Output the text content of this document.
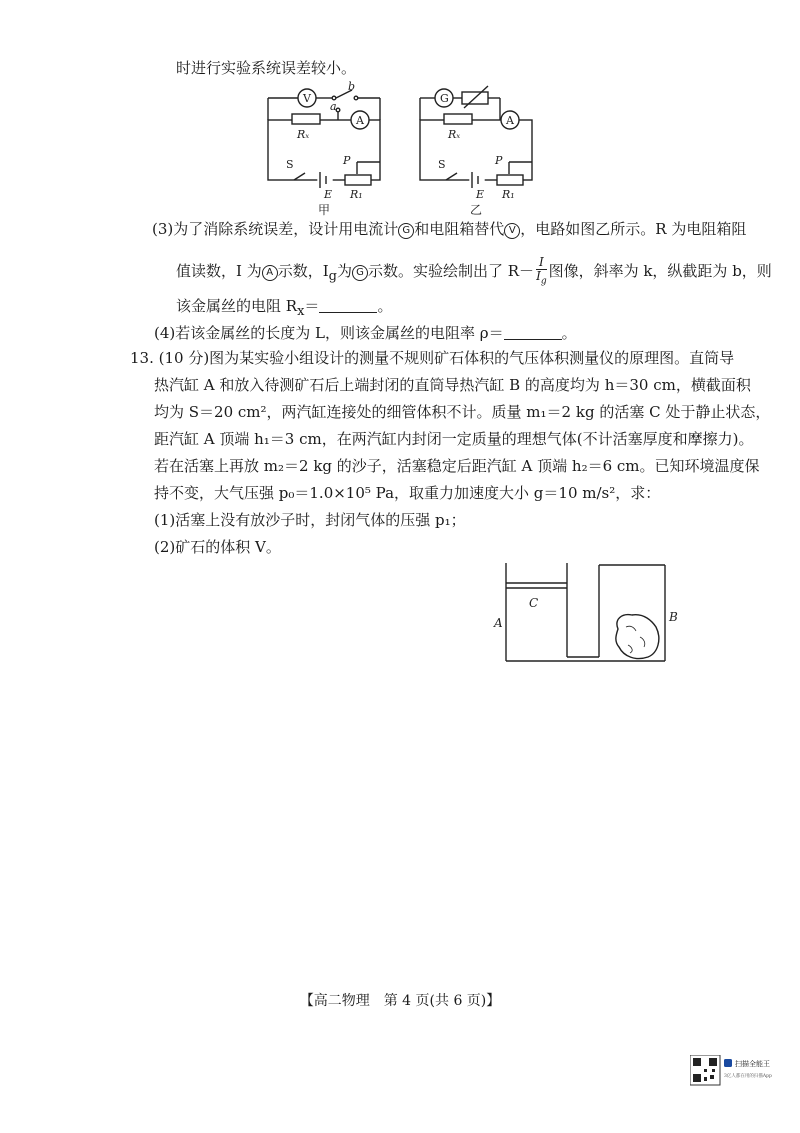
时进行实验系统误差较小。
V
b
a
Rₓ
A
S	P
E R₁
甲
G
Rₓ
A
S	P
E R₁
乙
(3)为了消除系统误差，设计用电流计 G 和电阻箱替代 V ，电路如图乙所示。R 为电阻箱阻
值读数，I 为 A 示数，$I_g$为 G 示数。实验绘制出了 $R- \frac{I}{I_g}$ 图像，斜率为 k，纵截距为 b，则
该金属丝的电阻 $R_x=$	。
(4)若该金属丝的长度为 L，则该金属丝的电阻率 ρ＝	。
13. (10 分)图为某实验小组设计的测量不规则矿石体积的气压体积测量仪的原理图。直筒导
热汽缸 A 和放入待测矿石后上端封闭的直筒导热汽缸 B 的高度均为 h＝30 cm，横截面积
均为 S＝20 cm²，两汽缸连接处的细管体积不计。质量 m₁＝2 kg 的活塞 C 处于静止状态，
距汽缸 A 顶端 h₁＝3 cm，在两汽缸内封闭一定质量的理想气体(不计活塞厚度和摩擦力)。
若在活塞上再放 m₂＝2 kg 的沙子，活塞稳定后距汽缸 A 顶端 h₂＝6 cm。已知环境温度保
持不变，大气压强 p₀＝1.0×10⁵ Pa，取重力加速度大小 g＝10 m/s²，求：
(1)活塞上没有放沙子时，封闭气体的压强 p₁；
(2)矿石的体积 V。
C
A	B
【高二物理　第 4 页(共 6 页)】
扫描全能王
3亿人都在用的扫描App
